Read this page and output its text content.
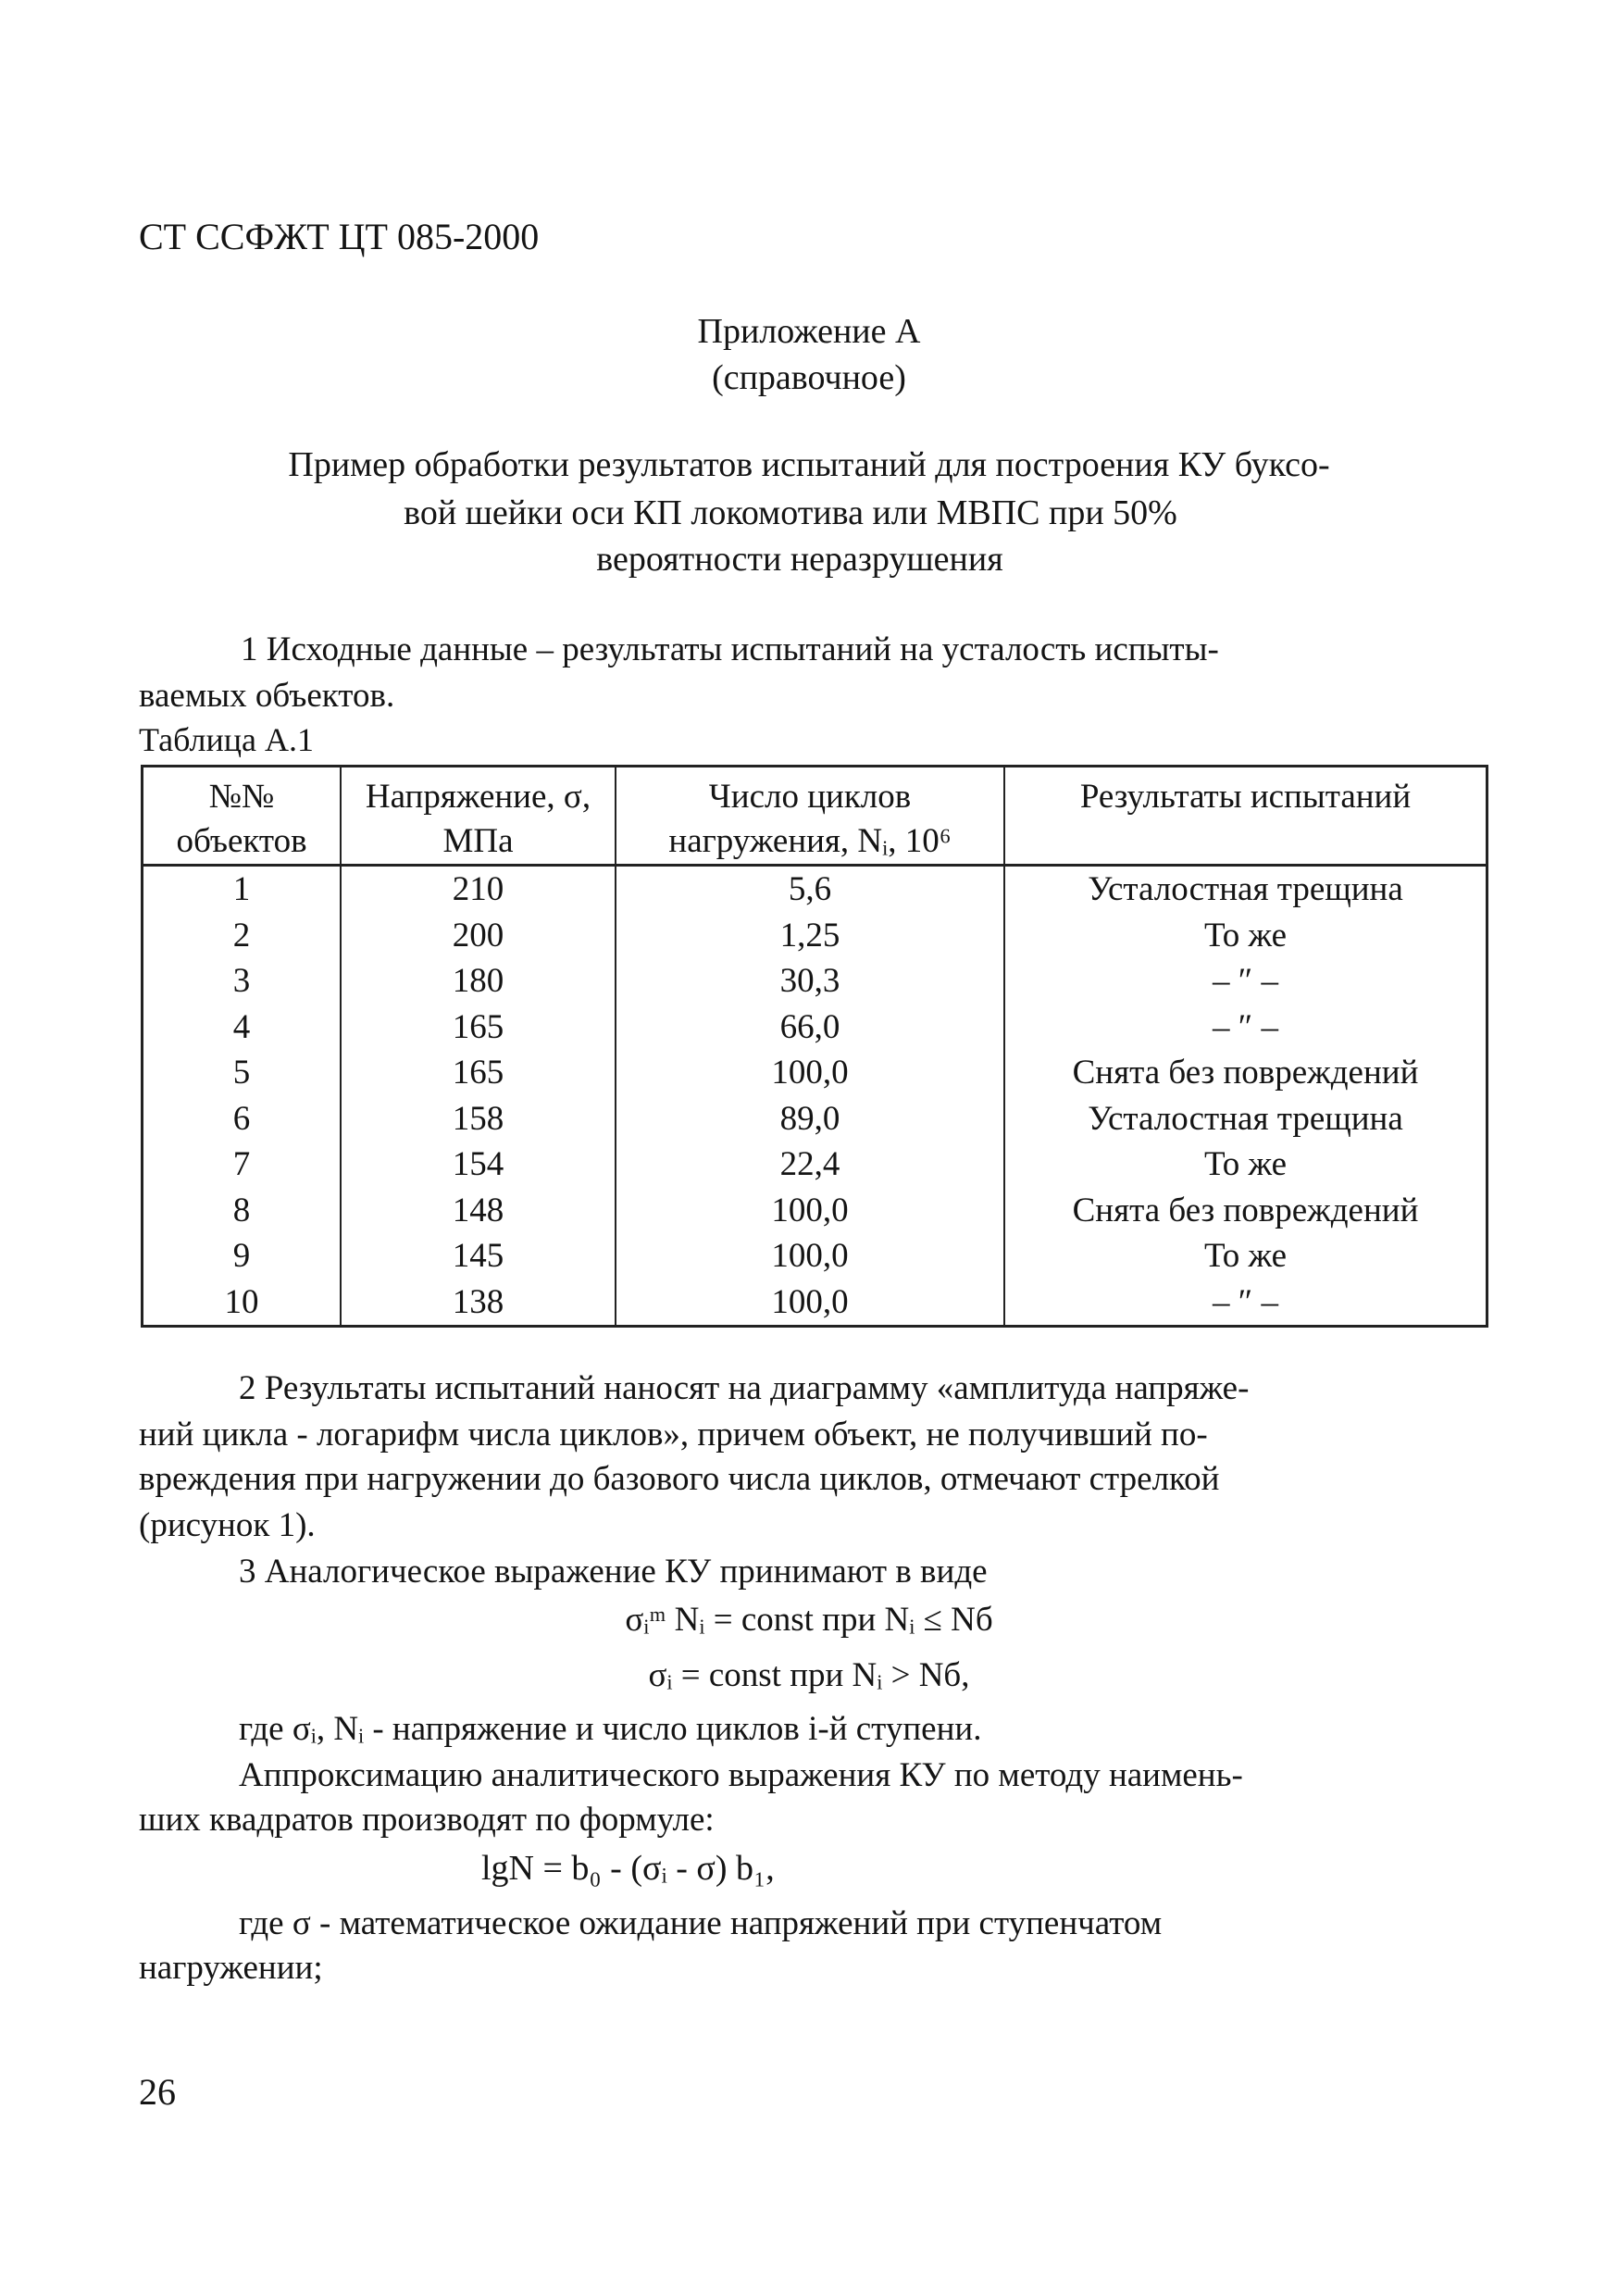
СТ ССФЖТ ЦТ 085-2000
Приложение А
(справочное)
Пример обработки результатов испытаний для построения КУ буксо-
вой шейки оси КП локомотива или МВПС при 50%
вероятности неразрушения
1 Исходные данные – результаты испытаний на усталость испыты-
ваемых объектов.
Таблица А.1
№№ объектов	Напряжение, σ, МПа	Число циклов нагружения, Nᵢ, 10⁶	Результаты испытаний
1	210	5,6	Усталостная трещина
2	200	1,25	То же
3	180	30,3	– ″ –
4	165	66,0	– ″ –
5	165	100,0	Снята без повреждений
6	158	89,0	Усталостная трещина
7	154	22,4	То же
8	148	100,0	Снята без повреждений
9	145	100,0	То же
10	138	100,0	– ″ –
2 Результаты испытаний наносят на диаграмму «амплитуда напряже-
ний цикла - логарифм числа циклов», причем объект, не получивший по-
вреждения при нагружении до базового числа циклов, отмечают стрелкой
(рисунок 1).
3 Аналогическое выражение КУ принимают в виде
σᵢᵐ Nᵢ = const при Nᵢ ≤ Nб
σᵢ = const при Nᵢ > Nб,
где σᵢ, Nᵢ - напряжение и число циклов i-й ступени.
Аппроксимацию аналитического выражения КУ по методу наимень-
ших квадратов производят по формуле:
lgN = b₀ - (σᵢ - σ) b₁,
где σ - математическое ожидание напряжений при ступенчатом
нагружении;
26
